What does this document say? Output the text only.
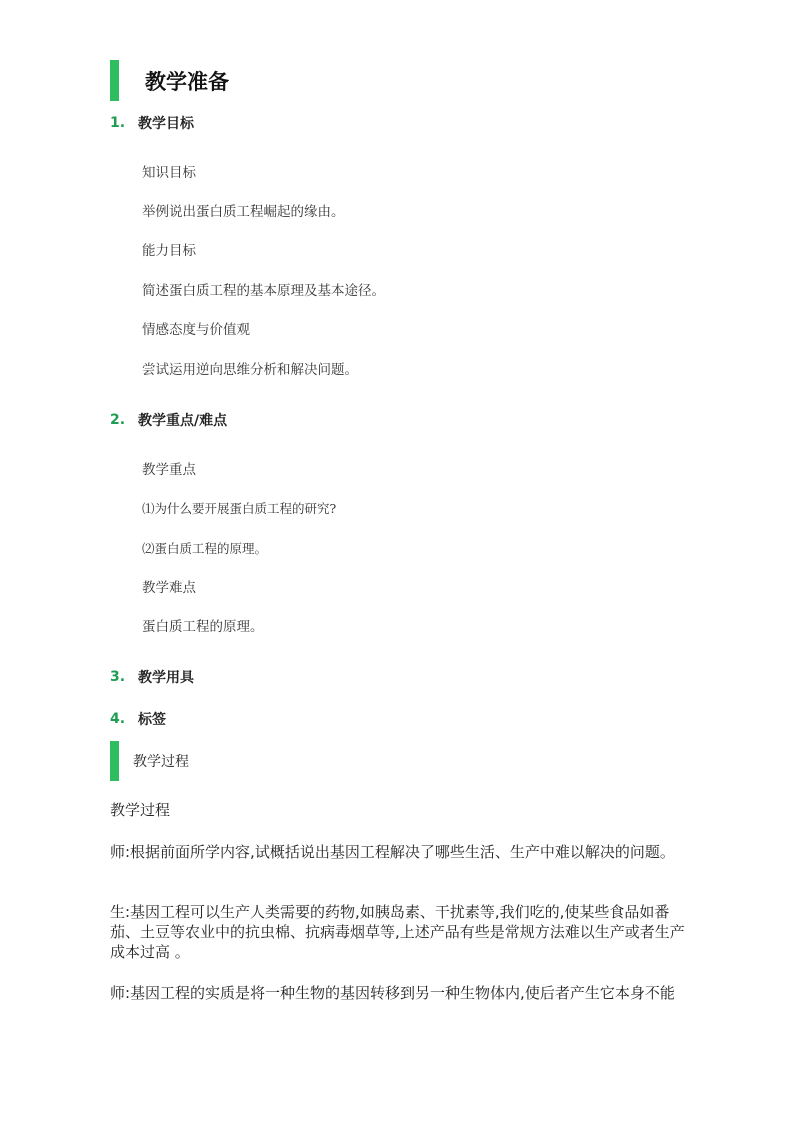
教学准备
1. 教学目标
知识目标
举例说出蛋白质工程崛起的缘由。
能力目标
简述蛋白质工程的基本原理及基本途径。
情感态度与价值观
尝试运用逆向思维分析和解决问题。
2. 教学重点/难点
教学重点
⑴为什么要开展蛋白质工程的研究?
⑵蛋白质工程的原理。
教学难点
蛋白质工程的原理。
3. 教学用具
4. 标签
教学过程
教学过程
师:根据前面所学内容,试概括说出基因工程解决了哪些生活、生产中难以解决的问题。
生:基因工程可以生产人类需要的药物,如胰岛素、干扰素等,我们吃的,使某些食品如番茄、土豆等农业中的抗虫棉、抗病毒烟草等,上述产品有些是常规方法难以生产或者生产成本过高 。
师:基因工程的实质是将一种生物的基因转移到另一种生物体内,使后者产生它本身不能
